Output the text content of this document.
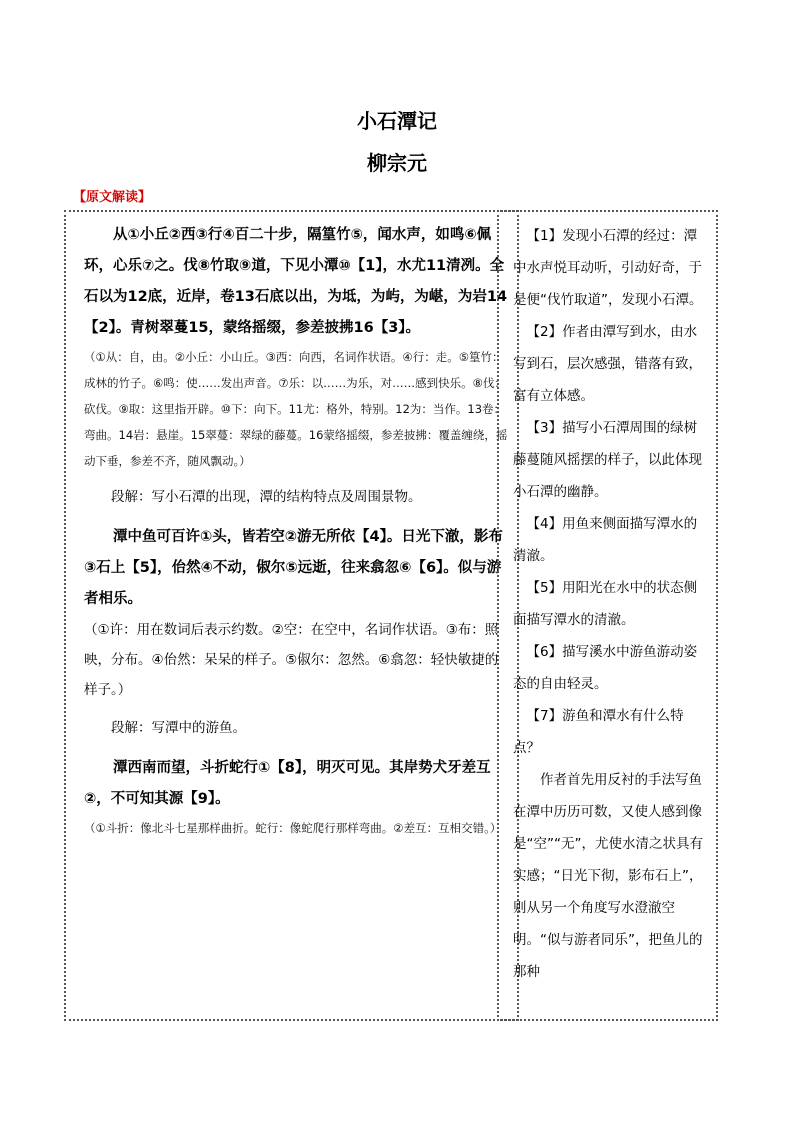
小石潭记
柳宗元
【原文解读】

从①小丘②西③行④百二十步，隔篁竹⑤，闻水声，如鸣⑥佩环，心乐⑦之。伐⑧竹取⑨道，下见小潭⑩【1】，水尤11清冽。全石以为12底，近岸，卷13石底以出，为坻，为屿，为嵁，为岩14【2】。青树翠蔓15，蒙络摇缀，参差披拂16【3】。

（①从：自，由。②小丘：小山丘。③西：向西，名词作状语。④行：走。⑤篁竹：成林的竹子。⑥鸣：使……发出声音。⑦乐：以……为乐，对……感到快乐。⑧伐：砍伐。⑨取：这里指开辟。⑩下：向下。11尤：格外，特别。12为：当作。13卷：弯曲。14岩：悬崖。15翠蔓：翠绿的藤蔓。16蒙络摇缀，参差披拂：覆盖缠绕，摇动下垂，参差不齐，随风飘动。）

段解：写小石潭的出现，潭的结构特点及周围景物。

潭中鱼可百许①头，皆若空②游无所依【4】。日光下澈，影布③石上【5】，佁然④不动，俶尔⑤远逝，往来翕忽⑥【6】。似与游者相乐。

（①许：用在数词后表示约数。②空：在空中，名词作状语。③布：照映，分布。④佁然：呆呆的样子。⑤俶尔：忽然。⑥翕忽：轻快敏捷的样子。）

段解：写潭中的游鱼。

潭西南而望，斗折蛇行①【8】，明灭可见。其岸势犬牙差互②，不可知其源【9】。

（①斗折：像北斗七星那样曲折。蛇行：像蛇爬行那样弯曲。②差互：互相交错。）

【1】发现小石潭的经过：潭中水声悦耳动听，引动好奇，于是便“伐竹取道”，发现小石潭。

【2】作者由潭写到水，由水写到石，层次感强，错落有致，富有立体感。

【3】描写小石潭周围的绿树藤蔓随风摇摆的样子，以此体现小石潭的幽静。

【4】用鱼来侧面描写潭水的清澈。

【5】用阳光在水中的状态侧面描写潭水的清澈。

【6】描写溪水中游鱼游动姿态的自由轻灵。

【7】游鱼和潭水有什么特点？

作者首先用反衬的手法写鱼在潭中历历可数，又使人感到像是“空”“无”，尤使水清之状具有实感；“日光下彻，影布石上”，则从另一个角度写水澄澈空明。“似与游者同乐”，把鱼儿的那种
